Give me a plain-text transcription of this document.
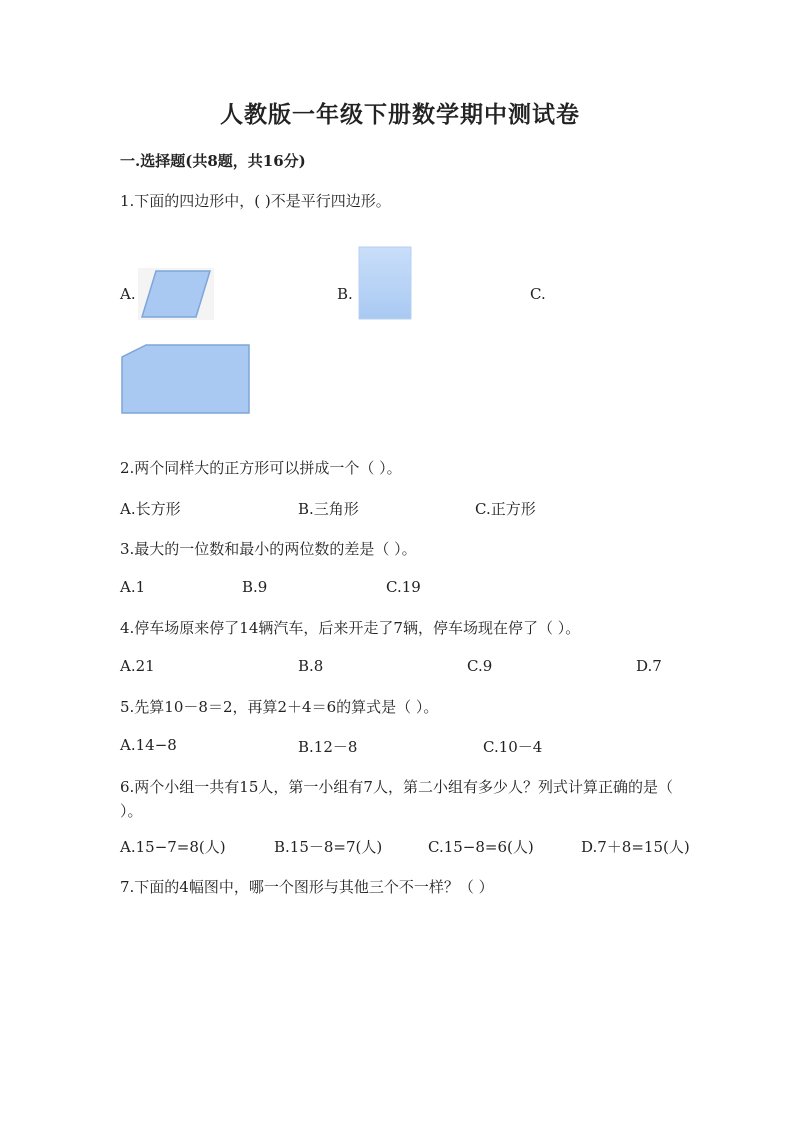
人教版一年级下册数学期中测试卷
一.选择题(共8题，共16分)
1.下面的四边形中，( )不是平行四边形。
A.	B.	C.
2.两个同样大的正方形可以拼成一个（ ）。
A.长方形	B.三角形	C.正方形
3.最大的一位数和最小的两位数的差是（ ）。
A.1	B.9	C.19
4.停车场原来停了14辆汽车，后来开走了7辆，停车场现在停了（ ）。
A.21	B.8	C.9	D.7
5.先算10－8＝2，再算2＋4＝6的算式是（ ）。
A.14−8	B.12－8	C.10－4
6.两个小组一共有15人，第一小组有7人，第二小组有多少人？列式计算正确的是（ ）。
A.15−7=8(人)	B.15－8=7(人)	C.15−8=6(人)	D.7＋8=15(人)
7.下面的4幅图中，哪一个图形与其他三个不一样？（ ）
